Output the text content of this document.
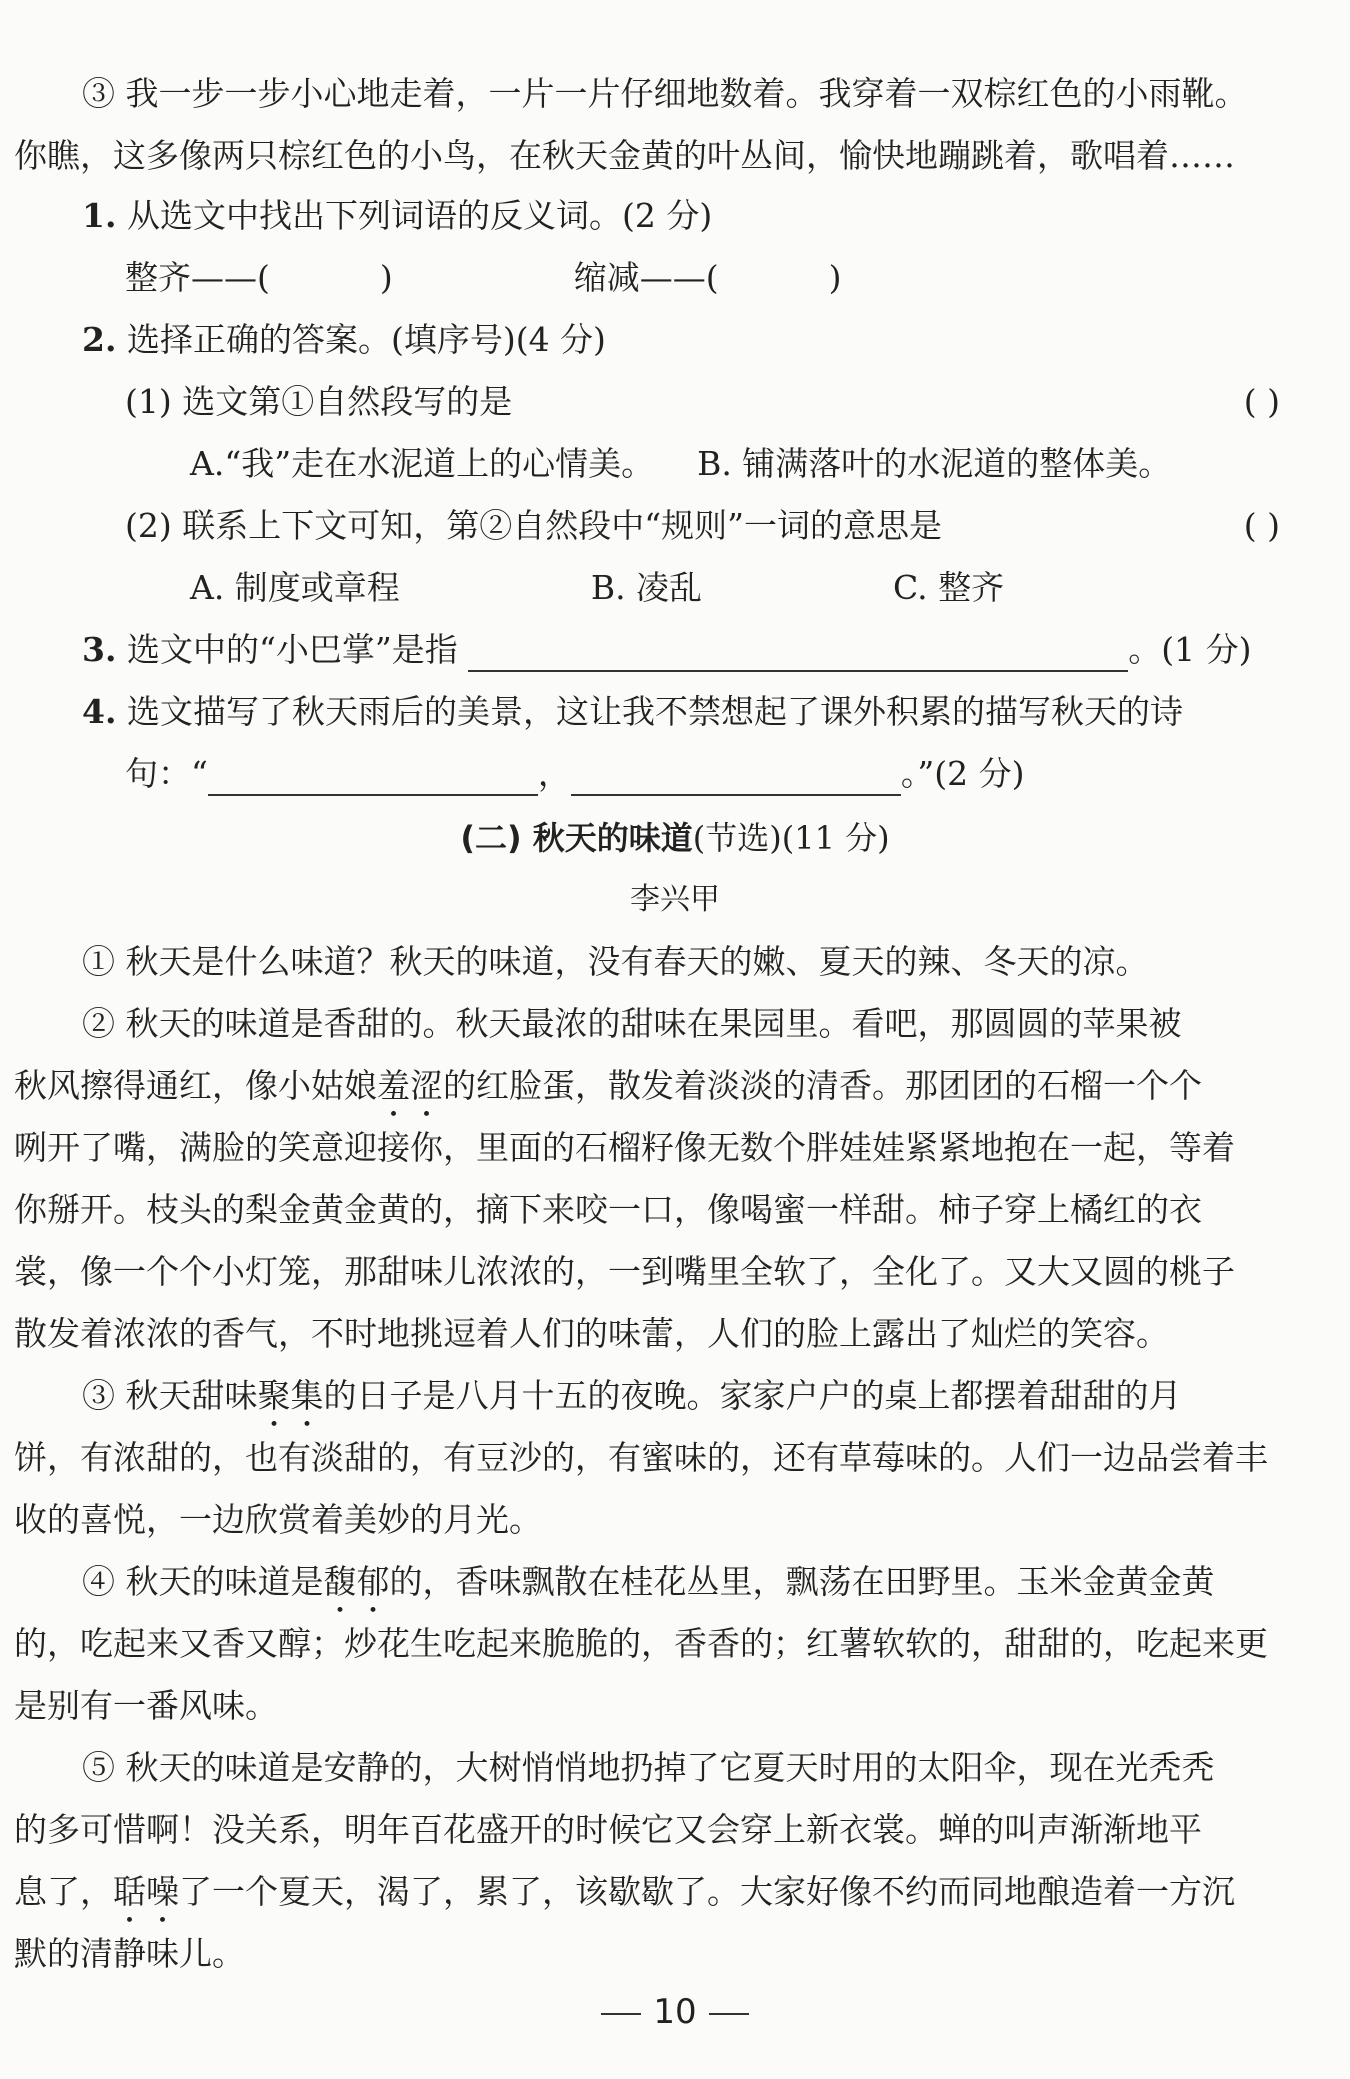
③ 我一步一步小心地走着，一片一片仔细地数着。我穿着一双棕红色的小雨靴。
你瞧，这多像两只棕红色的小鸟，在秋天金黄的叶丛间，愉快地蹦跳着，歌唱着……
1. 从选文中找出下列词语的反义词。(2 分)
整齐——(	)	缩减——(	)
2. 选择正确的答案。(填序号)(4 分)
(1) 选文第①自然段写的是	( )
A.“我”走在水泥道上的心情美。 B. 铺满落叶的水泥道的整体美。
(2) 联系上下文可知，第②自然段中“规则”一词的意思是	( )
A. 制度或章程	B. 凌乱	C. 整齐
3. 选文中的“小巴掌”是指	。(1 分)
4. 选文描写了秋天雨后的美景，这让我不禁想起了课外积累的描写秋天的诗
句：“	，	。”(2 分)
(二) 秋天的味道(节选)(11 分)
李兴甲
① 秋天是什么味道？秋天的味道，没有春天的嫩、夏天的辣、冬天的凉。
② 秋天的味道是香甜的。秋天最浓的甜味在果园里。看吧，那圆圆的苹果被
秋风擦得通红，像小姑娘羞涩的红脸蛋，散发着淡淡的清香。那团团的石榴一个个
咧开了嘴，满脸的笑意迎接你，里面的石榴籽像无数个胖娃娃紧紧地抱在一起，等着
你掰开。枝头的梨金黄金黄的，摘下来咬一口，像喝蜜一样甜。柿子穿上橘红的衣
裳，像一个个小灯笼，那甜味儿浓浓的，一到嘴里全软了，全化了。又大又圆的桃子
散发着浓浓的香气，不时地挑逗着人们的味蕾，人们的脸上露出了灿烂的笑容。
③ 秋天甜味聚集的日子是八月十五的夜晚。家家户户的桌上都摆着甜甜的月
饼，有浓甜的，也有淡甜的，有豆沙的，有蜜味的，还有草莓味的。人们一边品尝着丰
收的喜悦，一边欣赏着美妙的月光。
④ 秋天的味道是馥郁的，香味飘散在桂花丛里，飘荡在田野里。玉米金黄金黄
的，吃起来又香又醇；炒花生吃起来脆脆的，香香的；红薯软软的，甜甜的，吃起来更
是别有一番风味。
⑤ 秋天的味道是安静的，大树悄悄地扔掉了它夏天时用的太阳伞，现在光秃秃
的多可惜啊！没关系，明年百花盛开的时候它又会穿上新衣裳。蝉的叫声渐渐地平
息了，聒噪了一个夏天，渴了，累了，该歇歇了。大家好像不约而同地酿造着一方沉
默的清静味儿。
10
